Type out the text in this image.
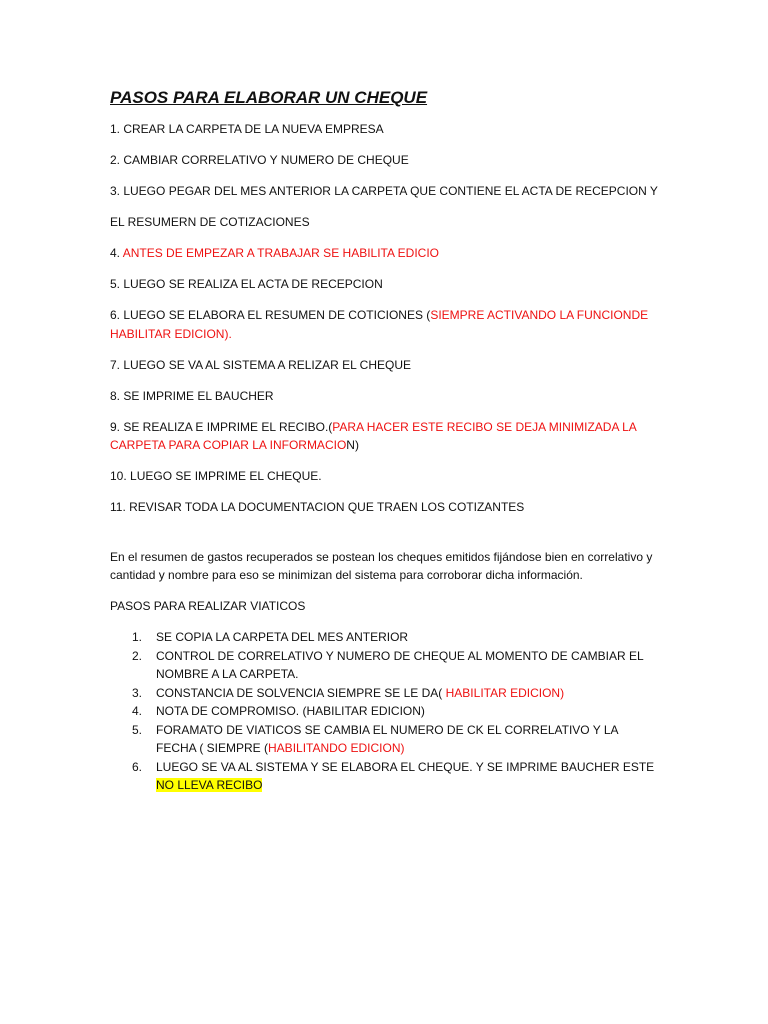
PASOS PARA ELABORAR UN CHEQUE

1. CREAR LA CARPETA DE LA NUEVA EMPRESA

2. CAMBIAR CORRELATIVO Y NUMERO DE CHEQUE

3. LUEGO PEGAR DEL MES ANTERIOR LA CARPETA QUE CONTIENE EL ACTA DE RECEPCION Y

EL RESUMERN DE COTIZACIONES

4. ANTES DE EMPEZAR A TRABAJAR SE HABILITA EDICIO

5. LUEGO SE REALIZA EL ACTA DE RECEPCION

6. LUEGO SE ELABORA EL RESUMEN DE COTICIONES (SIEMPRE ACTIVANDO LA FUNCIONDE HABILITAR EDICION).

7. LUEGO SE VA AL SISTEMA A RELIZAR EL CHEQUE

8. SE IMPRIME EL BAUCHER

9. SE REALIZA E IMPRIME EL RECIBO.(PARA HACER ESTE RECIBO SE DEJA MINIMIZADA LA CARPETA PARA COPIAR LA INFORMACION)

10. LUEGO SE IMPRIME EL CHEQUE.

11. REVISAR TODA LA DOCUMENTACION QUE TRAEN LOS COTIZANTES

En el resumen de gastos recuperados se postean los cheques emitidos fijándose bien en correlativo y cantidad y nombre para eso se minimizan del sistema para corroborar dicha información.

PASOS PARA REALIZAR VIATICOS

1. SE COPIA LA CARPETA DEL MES ANTERIOR
2. CONTROL DE CORRELATIVO Y NUMERO DE CHEQUE AL MOMENTO DE CAMBIAR EL NOMBRE A LA CARPETA.
3. CONSTANCIA DE SOLVENCIA SIEMPRE SE LE DA( HABILITAR EDICION)
4. NOTA DE COMPROMISO. (HABILITAR EDICION)
5. FORAMATO DE VIATICOS SE CAMBIA EL NUMERO DE CK EL CORRELATIVO Y LA FECHA ( SIEMPRE (HABILITANDO EDICION)
6. LUEGO SE VA AL SISTEMA Y SE ELABORA EL CHEQUE. Y SE IMPRIME BAUCHER ESTE NO LLEVA RECIBO
